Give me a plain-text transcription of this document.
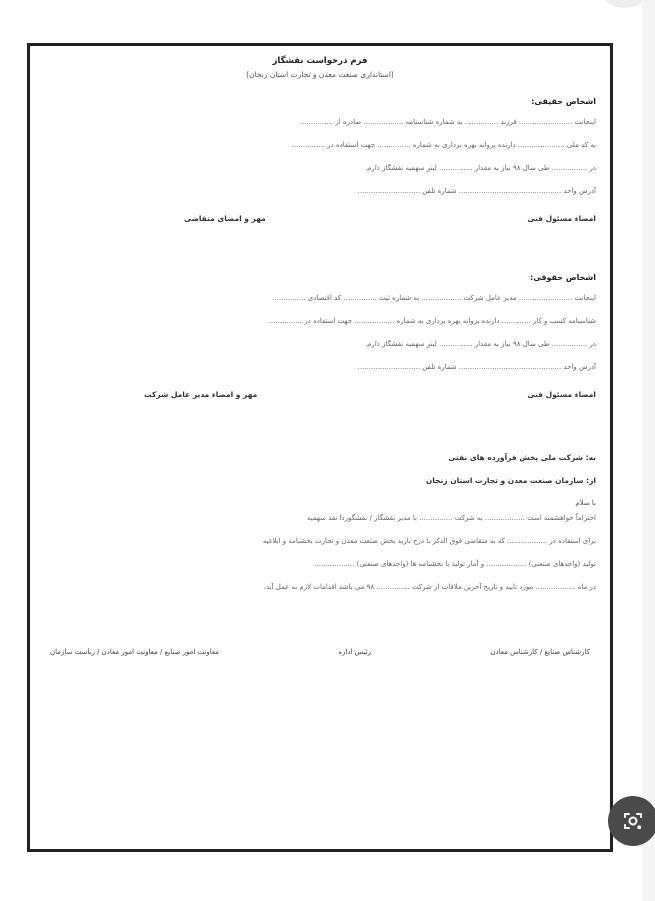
فرم درخواست نقشگاز
(استانداری صنعت معدن و تجارت استان زنجان)
اشخاص حقیقی:
اینجانب ........................ فرزند ............... به شماره شناسنامه .................. صادره از ...............
به کد ملی ..................... دارنده پروانه بهره برداری به شماره ............... جهت استفاده در ...............
در ................ طی سال ۹۸ نیاز به مقدار ............... لیتر سهمیه نقشگاز دارم.
آدرس واحد .............................................. شماره تلفن ............................
امضاء مسئول فنی
مهر و امضای متقاضی
اشخاص حقوقی:
اینجانب ........................ مدیر عامل شرکت .................. به شماره ثبت ............... کد اقتصادی ...............
شناسنامه کسب و کار ............. دارنده پروانه بهره برداری به شماره .................. جهت استفاده در ...............
در ................ طی سال ۹۸ نیاز به مقدار ............... لیتر سهمیه نقشگاز دارم.
آدرس واحد .............................................. شماره تلفن ............................
امضاء مسئول فنی
مهر و امضاء مدیر عامل شرکت
به: شرکت ملی پخش فرآورده های نفتی
از: سازمان صنعت معدن و تجارت استان زنجان
با سلام
احتراماً خواهشمند است .................. به شرکت ............... با مدیر نقشگاز / نقشگوردا نقد سهمیه
برای استفاده در .................. که به متقاضی فوق الذکر با درج بازید بخش صنعت معدن و تجارت بخشنامه و ابلاغیه
تولید (واحدهای صنعتی) .................. و آمار تولید یا بخشنامه ها (واحدهای صنعتی) ..................
در ماه .................. مورد تایید و تاریخ آخرین ملاقات از شرکت ............... ۹۸ می باشد اقدامات لازم به عمل آید.
کارشناس صنایع / کارشناس معادن
رئیس اداره
معاونت امور صنایع / معاونت امور معادن / ریاست سازمان
